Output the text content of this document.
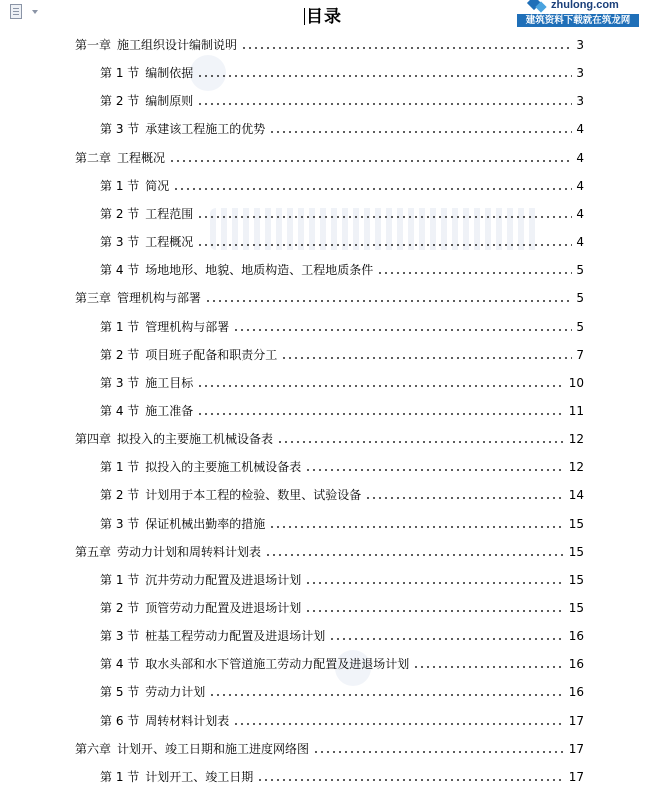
目录
zhulong.com
建筑资料下载就在筑龙网
第一章 施工组织设计编制说明	3
第 1 节 编制依据	3
第 2 节 编制原则	3
第 3 节 承建该工程施工的优势	4
第二章 工程概况	4
第 1 节 简况	4
第 2 节 工程范围	4
第 3 节 工程概况	4
第 4 节 场地地形、地貌、地质构造、工程地质条件	5
第三章 管理机构与部署	5
第 1 节 管理机构与部署	5
第 2 节 项目班子配备和职责分工	7
第 3 节 施工目标	10
第 4 节 施工准备	11
第四章 拟投入的主要施工机械设备表	12
第 1 节 拟投入的主要施工机械设备表	12
第 2 节 计划用于本工程的检验、数里、试验设备	14
第 3 节 保证机械出勤率的措施	15
第五章 劳动力计划和周转料计划表	15
第 1 节 沉井劳动力配置及进退场计划	15
第 2 节 顶管劳动力配置及进退场计划	15
第 3 节 桩基工程劳动力配置及进退场计划	16
第 4 节 取水头部和水下管道施工劳动力配置及进退场计划	16
第 5 节 劳动力计划	16
第 6 节 周转材料计划表	17
第六章 计划开、竣工日期和施工进度网络图	17
第 1 节 计划开工、竣工日期	17
